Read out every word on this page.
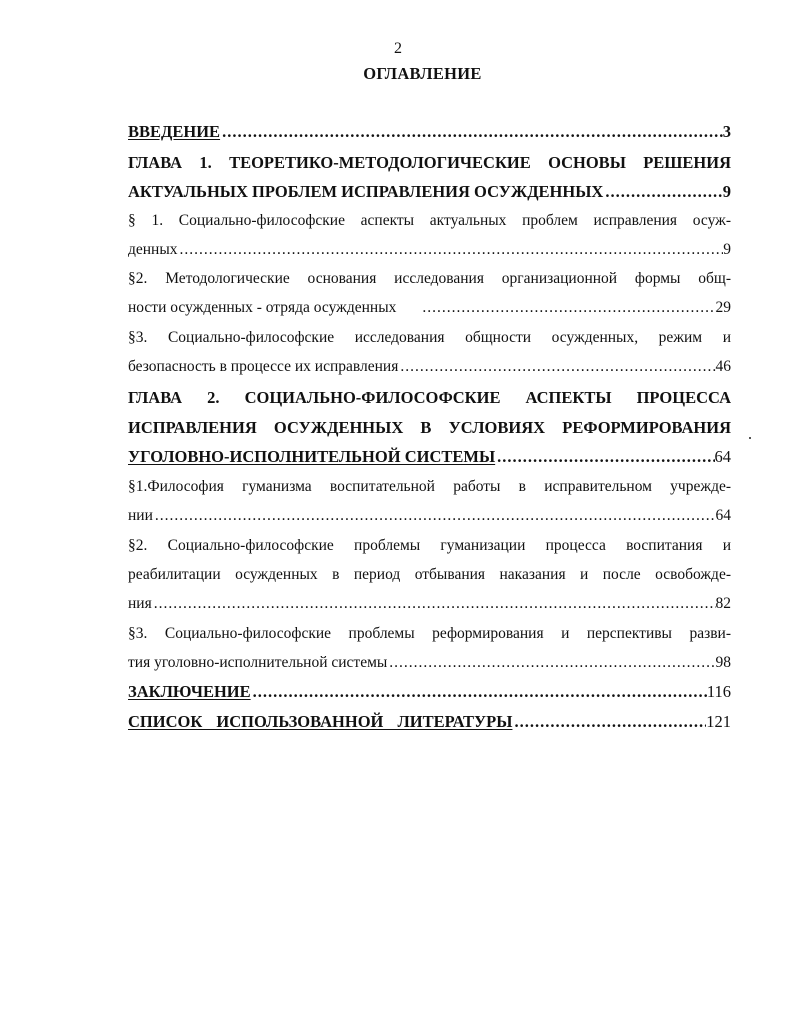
2
ОГЛАВЛЕНИЕ
ВВЕДЕНИЕ .....	3
ГЛАВА 1. ТЕОРЕТИКО-МЕТОДОЛОГИЧЕСКИЕ ОСНОВЫ РЕШЕНИЯ
АКТУАЛЬНЫХ ПРОБЛЕМ ИСПРАВЛЕНИЯ ОСУЖДЕННЫХ .....	9
§ 1. Социально-философские аспекты актуальных проблем исправления осуж-
денных .....	9
§2. Методологические основания исследования организационной формы общ-
ности осужденных - отряда осужденных .....	29
§3. Социально-философские исследования общности осужденных, режим и
безопасность в процессе их исправления .....	46
ГЛАВА 2. СОЦИАЛЬНО-ФИЛОСОФСКИЕ АСПЕКТЫ ПРОЦЕССА
ИСПРАВЛЕНИЯ ОСУЖДЕННЫХ В УСЛОВИЯХ РЕФОРМИРОВАНИЯ
УГОЛОВНО-ИСПОЛНИТЕЛЬНОЙ СИСТЕМЫ .....	64
§1.Философия гуманизма воспитательной работы в исправительном учрежде-
нии .....	64
§2. Социально-философские проблемы гуманизации процесса воспитания и
реабилитации осужденных в период отбывания наказания и после освобожде-
ния .....	82
§3. Социально-философские проблемы реформирования и перспективы разви-
тия уголовно-исполнительной системы .....	98
ЗАКЛЮЧЕНИЕ .....	116
СПИСОК ИСПОЛЬЗОВАННОЙ ЛИТЕРАТУРЫ .....	121
